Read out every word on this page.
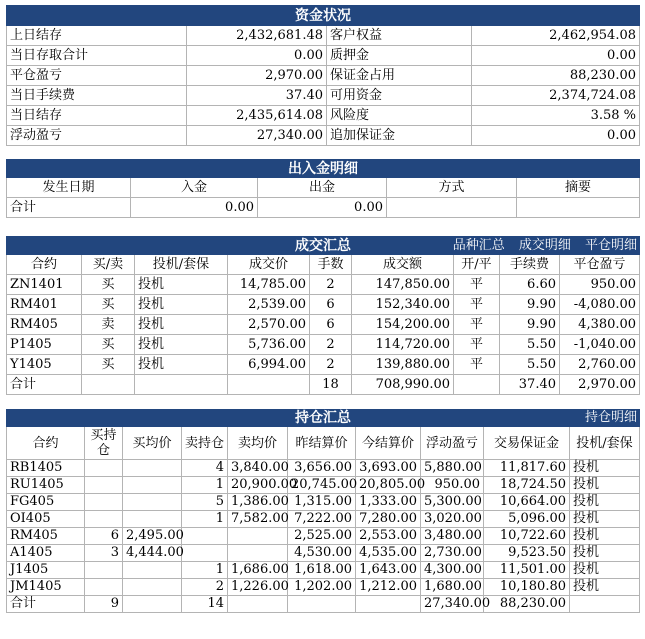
资金状况			

上日结存	2,432,681.48	客户权益	2,462,954.08
当日存取合计	0.00	质押金	0.00
平仓盈亏	2,970.00	保证金占用	88,230.00
当日手续费	37.40	可用资金	2,374,724.08
当日结存	2,435,614.08	风险度	3.58 %
浮动盈亏	27,340.00	追加保证金	0.00
出入金明细				

发生日期	入金	出金	方式	摘要
合计	0.00	0.00		
成交汇总 品种汇总 成交明细 平仓明细								

合约	买/卖	投机/套保	成交价	手数	成交额	开/平	手续费	平仓盈亏
ZN1401	买	投机	14,785.00	2	147,850.00	平	6.60	950.00
RM401	买	投机	2,539.00	6	152,340.00	平	9.90	-4,080.00
RM405	卖	投机	2,570.00	6	154,200.00	平	9.90	4,380.00
P1405	买	投机	5,736.00	2	114,720.00	平	5.50	-1,040.00
Y1405	买	投机	6,994.00	2	139,880.00	平	5.50	2,760.00
合计				18	708,990.00		37.40	2,970.00
持仓汇总 持仓明细									

合约	买持仓	买均价	卖持仓	卖均价	昨结算价	今结算价	浮动盈亏	交易保证金	投机/套保
RB1405			4	3,840.00	3,656.00	3,693.00	5,880.00	11,817.60	投机
RU1405			1	20,900.00	20,745.00	20,805.00	950.00	18,724.50	投机
FG405			5	1,386.00	1,315.00	1,333.00	5,300.00	10,664.00	投机
OI405			1	7,582.00	7,222.00	7,280.00	3,020.00	5,096.00	投机
RM405	6	2,495.00			2,525.00	2,553.00	3,480.00	10,722.60	投机
A1405	3	4,444.00			4,530.00	4,535.00	2,730.00	9,523.50	投机
J1405			1	1,686.00	1,618.00	1,643.00	4,300.00	11,501.00	投机
JM1405			2	1,226.00	1,202.00	1,212.00	1,680.00	10,180.80	投机
合计	9		14				27,340.00	88,230.00	
